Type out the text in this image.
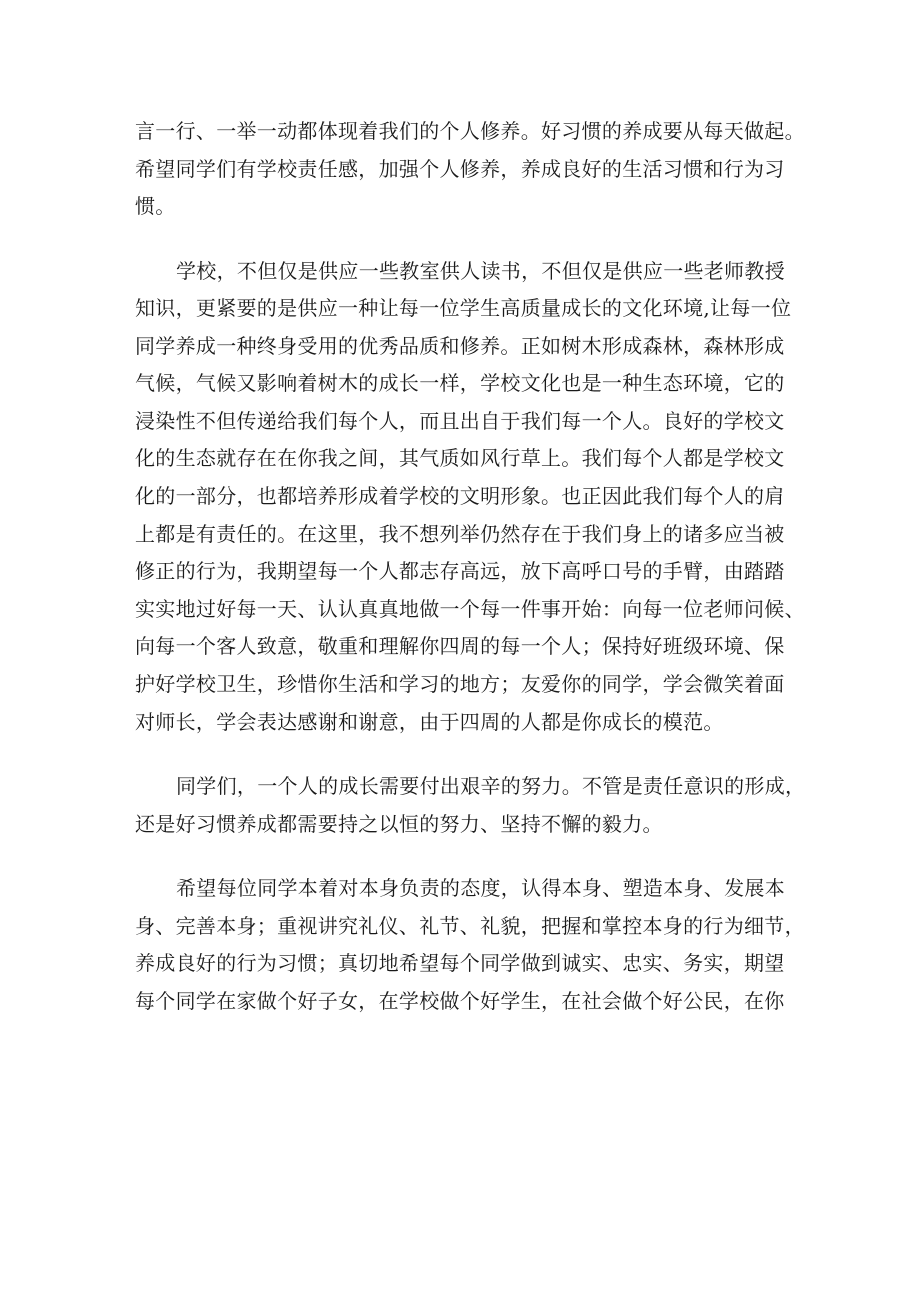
言一行、一举一动都体现着我们的个人修养。好习惯的养成要从每天做起。
希望同学们有学校责任感，加强个人修养，养成良好的生活习惯和行为习
惯。
学校，不但仅是供应一些教室供人读书，不但仅是供应一些老师教授
知识，更紧要的是供应一种让每一位学生高质量成长的文化环境,让每一位
同学养成一种终身受用的优秀品质和修养。正如树木形成森林，森林形成
气候，气候又影响着树木的成长一样，学校文化也是一种生态环境，它的
浸染性不但传递给我们每个人，而且出自于我们每一个人。良好的学校文
化的生态就存在在你我之间，其气质如风行草上。我们每个人都是学校文
化的一部分，也都培养形成着学校的文明形象。也正因此我们每个人的肩
上都是有责任的。在这里，我不想列举仍然存在于我们身上的诸多应当被
修正的行为，我期望每一个人都志存高远，放下高呼口号的手臂，由踏踏
实实地过好每一天、认认真真地做一个每一件事开始：向每一位老师问候、
向每一个客人致意，敬重和理解你四周的每一个人；保持好班级环境、保
护好学校卫生，珍惜你生活和学习的地方；友爱你的同学，学会微笑着面
对师长，学会表达感谢和谢意，由于四周的人都是你成长的模范。
同学们，一个人的成长需要付出艰辛的努力。不管是责任意识的形成，
还是好习惯养成都需要持之以恒的努力、坚持不懈的毅力。
希望每位同学本着对本身负责的态度，认得本身、塑造本身、发展本
身、完善本身；重视讲究礼仪、礼节、礼貌，把握和掌控本身的行为细节，
养成良好的行为习惯；真切地希望每个同学做到诚实、忠实、务实，期望
每个同学在家做个好子女，在学校做个好学生，在社会做个好公民，在你
